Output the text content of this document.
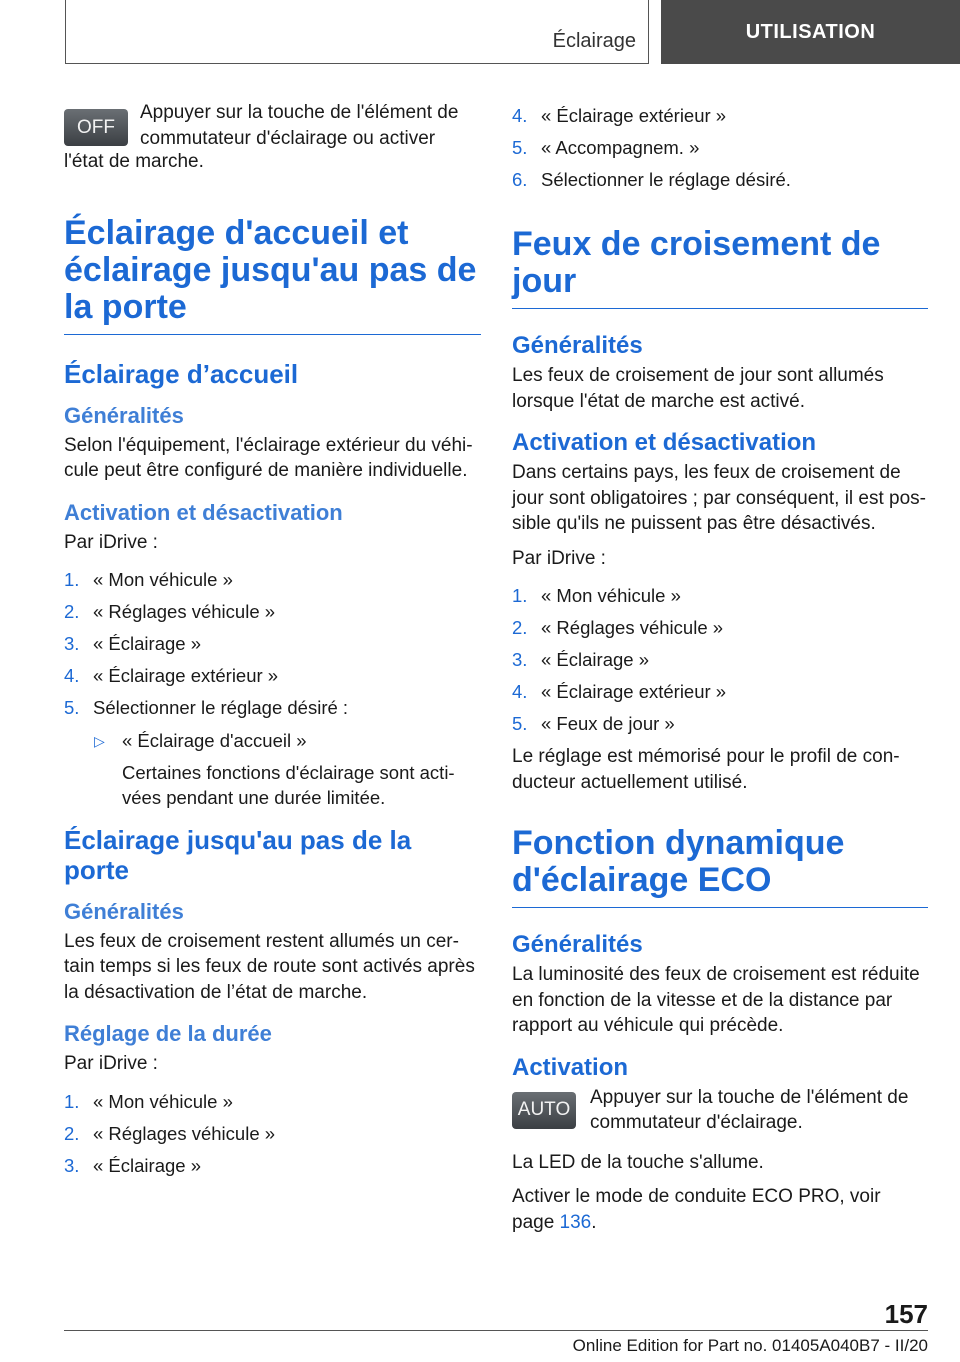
Éclairage	UTILISATION
OFF
Appuyer sur la touche de l'élément de commutateur d'éclairage ou activer

l'état de marche.

Éclairage d'accueil et éclairage jusqu'au pas de la porte
Éclairage d’accueil
Généralités

Selon l'équipement, l'éclairage extérieur du véhi-cule peut être configuré de manière individuelle.

Activation et désactivation

Par iDrive :

1. « Mon véhicule »
2. « Réglages véhicule »
3. « Éclairage »
4. « Éclairage extérieur »
5. Sélectionner le réglage désiré :
▷ « Éclairage d'accueil »
Certaines fonctions d'éclairage sont acti-vées pendant une durée limitée.
Éclairage jusqu'au pas de la porte
Généralités

Les feux de croisement restent allumés un cer-tain temps si les feux de route sont activés après la désactivation de l’état de marche.

Réglage de la durée

Par iDrive :

1. « Mon véhicule »
2. « Réglages véhicule »
3. « Éclairage »
4. « Éclairage extérieur »
5. « Accompagnem. »
6. Sélectionner le réglage désiré.
Feux de croisement de jour
Généralités

Les feux de croisement de jour sont allumés lorsque l'état de marche est activé.

Activation et désactivation

Dans certains pays, les feux de croisement de jour sont obligatoires ; par conséquent, il est pos-sible qu'ils ne puissent pas être désactivés.

Par iDrive :

1. « Mon véhicule »
2. « Réglages véhicule »
3. « Éclairage »
4. « Éclairage extérieur »
5. « Feux de jour »

Le réglage est mémorisé pour le profil de con-ducteur actuellement utilisé.

Fonction dynamique d'éclairage ECO
Généralités

La luminosité des feux de croisement est réduite en fonction de la vitesse et de la distance par rapport au véhicule qui précède.

Activation
AUTO
Appuyer sur la touche de l'élément de commutateur d'éclairage.

La LED de la touche s'allume.

Activer le mode de conduite ECO PRO, voir page 136.

157
Online Edition for Part no. 01405A040B7 - II/20
